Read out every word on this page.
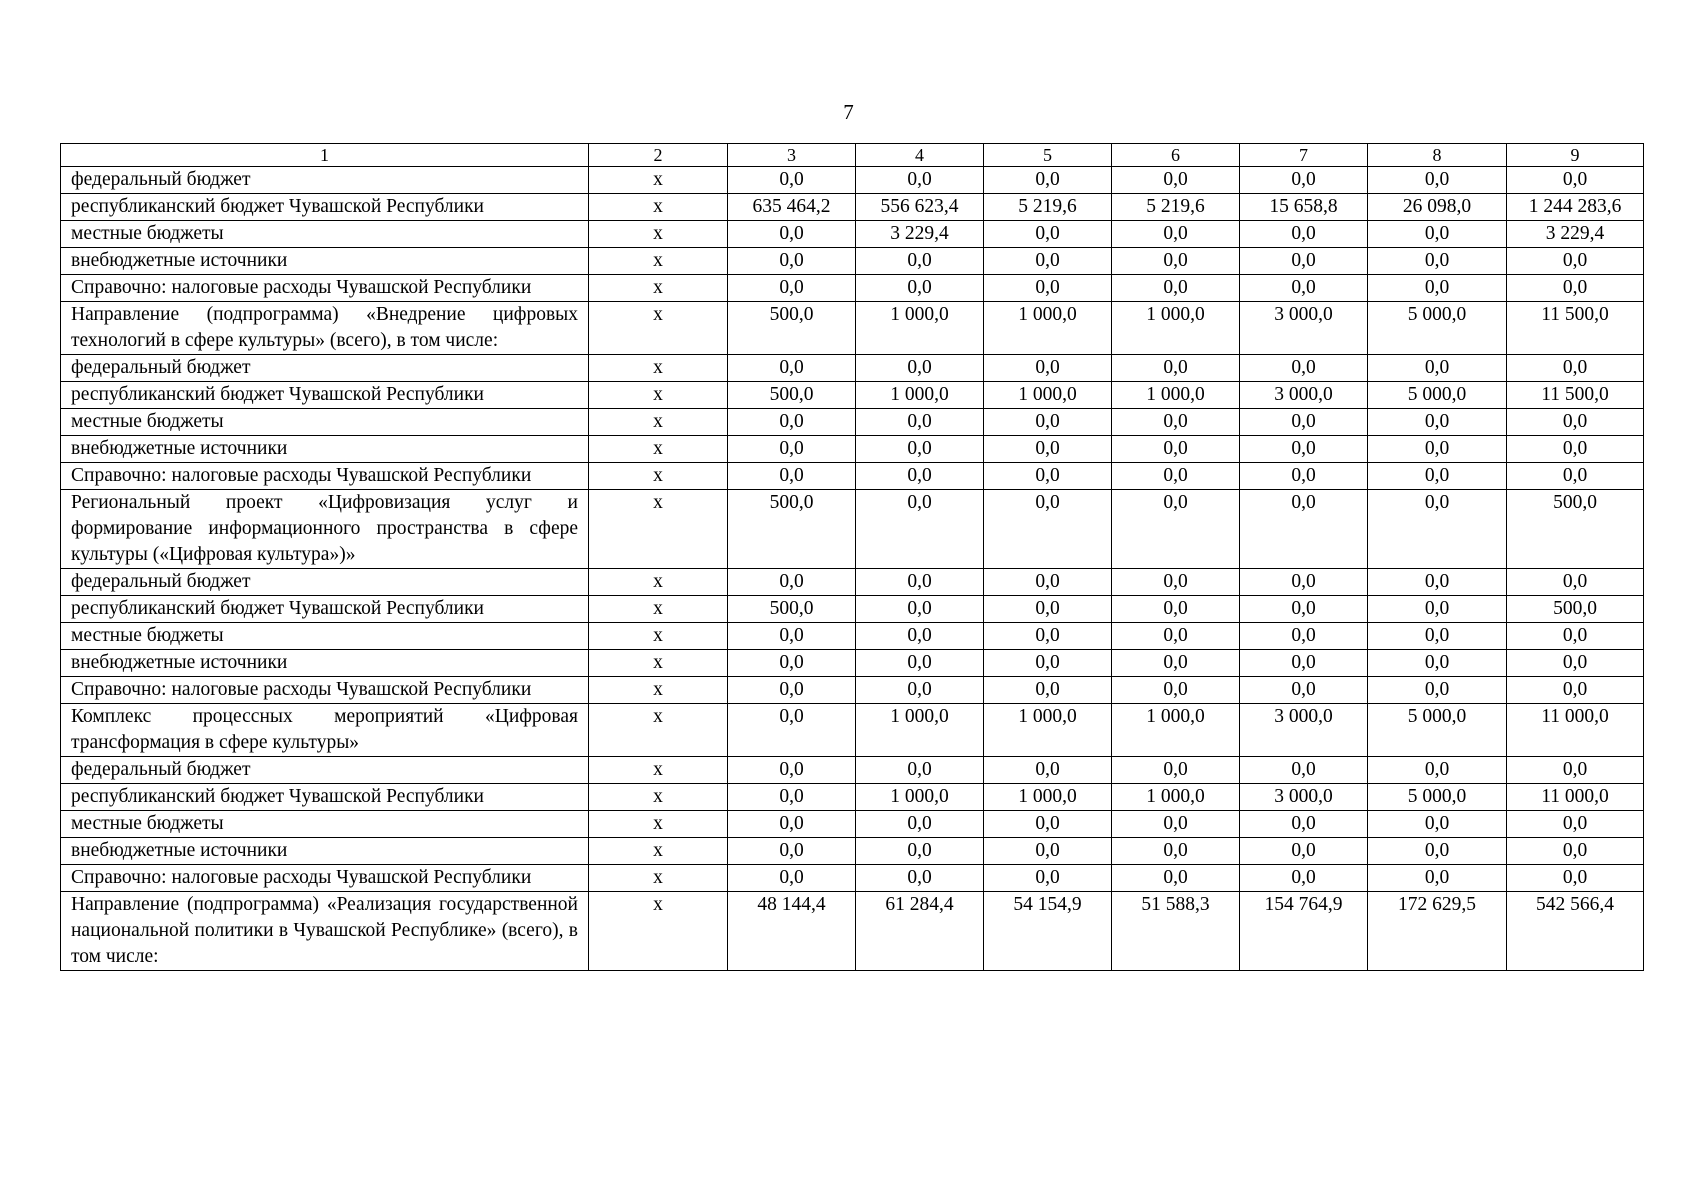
7
1	2	3	4	5	6	7	8	9
федеральный бюджет	x	0,0	0,0	0,0	0,0	0,0	0,0	0,0
республиканский бюджет Чувашской Республики	x	635 464,2	556 623,4	5 219,6	5 219,6	15 658,8	26 098,0	1 244 283,6
местные бюджеты	x	0,0	3 229,4	0,0	0,0	0,0	0,0	3 229,4
внебюджетные источники	x	0,0	0,0	0,0	0,0	0,0	0,0	0,0
Справочно: налоговые расходы Чувашской Республики	x	0,0	0,0	0,0	0,0	0,0	0,0	0,0
Направление (подпрограмма) «Внедрение цифровых технологий в сфере культуры» (всего), в том числе:	x	500,0	1 000,0	1 000,0	1 000,0	3 000,0	5 000,0	11 500,0
федеральный бюджет	x	0,0	0,0	0,0	0,0	0,0	0,0	0,0
республиканский бюджет Чувашской Республики	x	500,0	1 000,0	1 000,0	1 000,0	3 000,0	5 000,0	11 500,0
местные бюджеты	x	0,0	0,0	0,0	0,0	0,0	0,0	0,0
внебюджетные источники	x	0,0	0,0	0,0	0,0	0,0	0,0	0,0
Справочно: налоговые расходы Чувашской Республики	x	0,0	0,0	0,0	0,0	0,0	0,0	0,0
Региональный проект «Цифровизация услуг и формирование информационного пространства в сфере культуры («Цифровая культура»)»	x	500,0	0,0	0,0	0,0	0,0	0,0	500,0
федеральный бюджет	x	0,0	0,0	0,0	0,0	0,0	0,0	0,0
республиканский бюджет Чувашской Республики	x	500,0	0,0	0,0	0,0	0,0	0,0	500,0
местные бюджеты	x	0,0	0,0	0,0	0,0	0,0	0,0	0,0
внебюджетные источники	x	0,0	0,0	0,0	0,0	0,0	0,0	0,0
Справочно: налоговые расходы Чувашской Республики	x	0,0	0,0	0,0	0,0	0,0	0,0	0,0
Комплекс процессных мероприятий «Цифровая трансформация в сфере культуры»	x	0,0	1 000,0	1 000,0	1 000,0	3 000,0	5 000,0	11 000,0
федеральный бюджет	x	0,0	0,0	0,0	0,0	0,0	0,0	0,0
республиканский бюджет Чувашской Республики	x	0,0	1 000,0	1 000,0	1 000,0	3 000,0	5 000,0	11 000,0
местные бюджеты	x	0,0	0,0	0,0	0,0	0,0	0,0	0,0
внебюджетные источники	x	0,0	0,0	0,0	0,0	0,0	0,0	0,0
Справочно: налоговые расходы Чувашской Республики	x	0,0	0,0	0,0	0,0	0,0	0,0	0,0
Направление (подпрограмма) «Реализация государственной национальной политики в Чувашской Республике» (всего), в том числе:	x	48 144,4	61 284,4	54 154,9	51 588,3	154 764,9	172 629,5	542 566,4
